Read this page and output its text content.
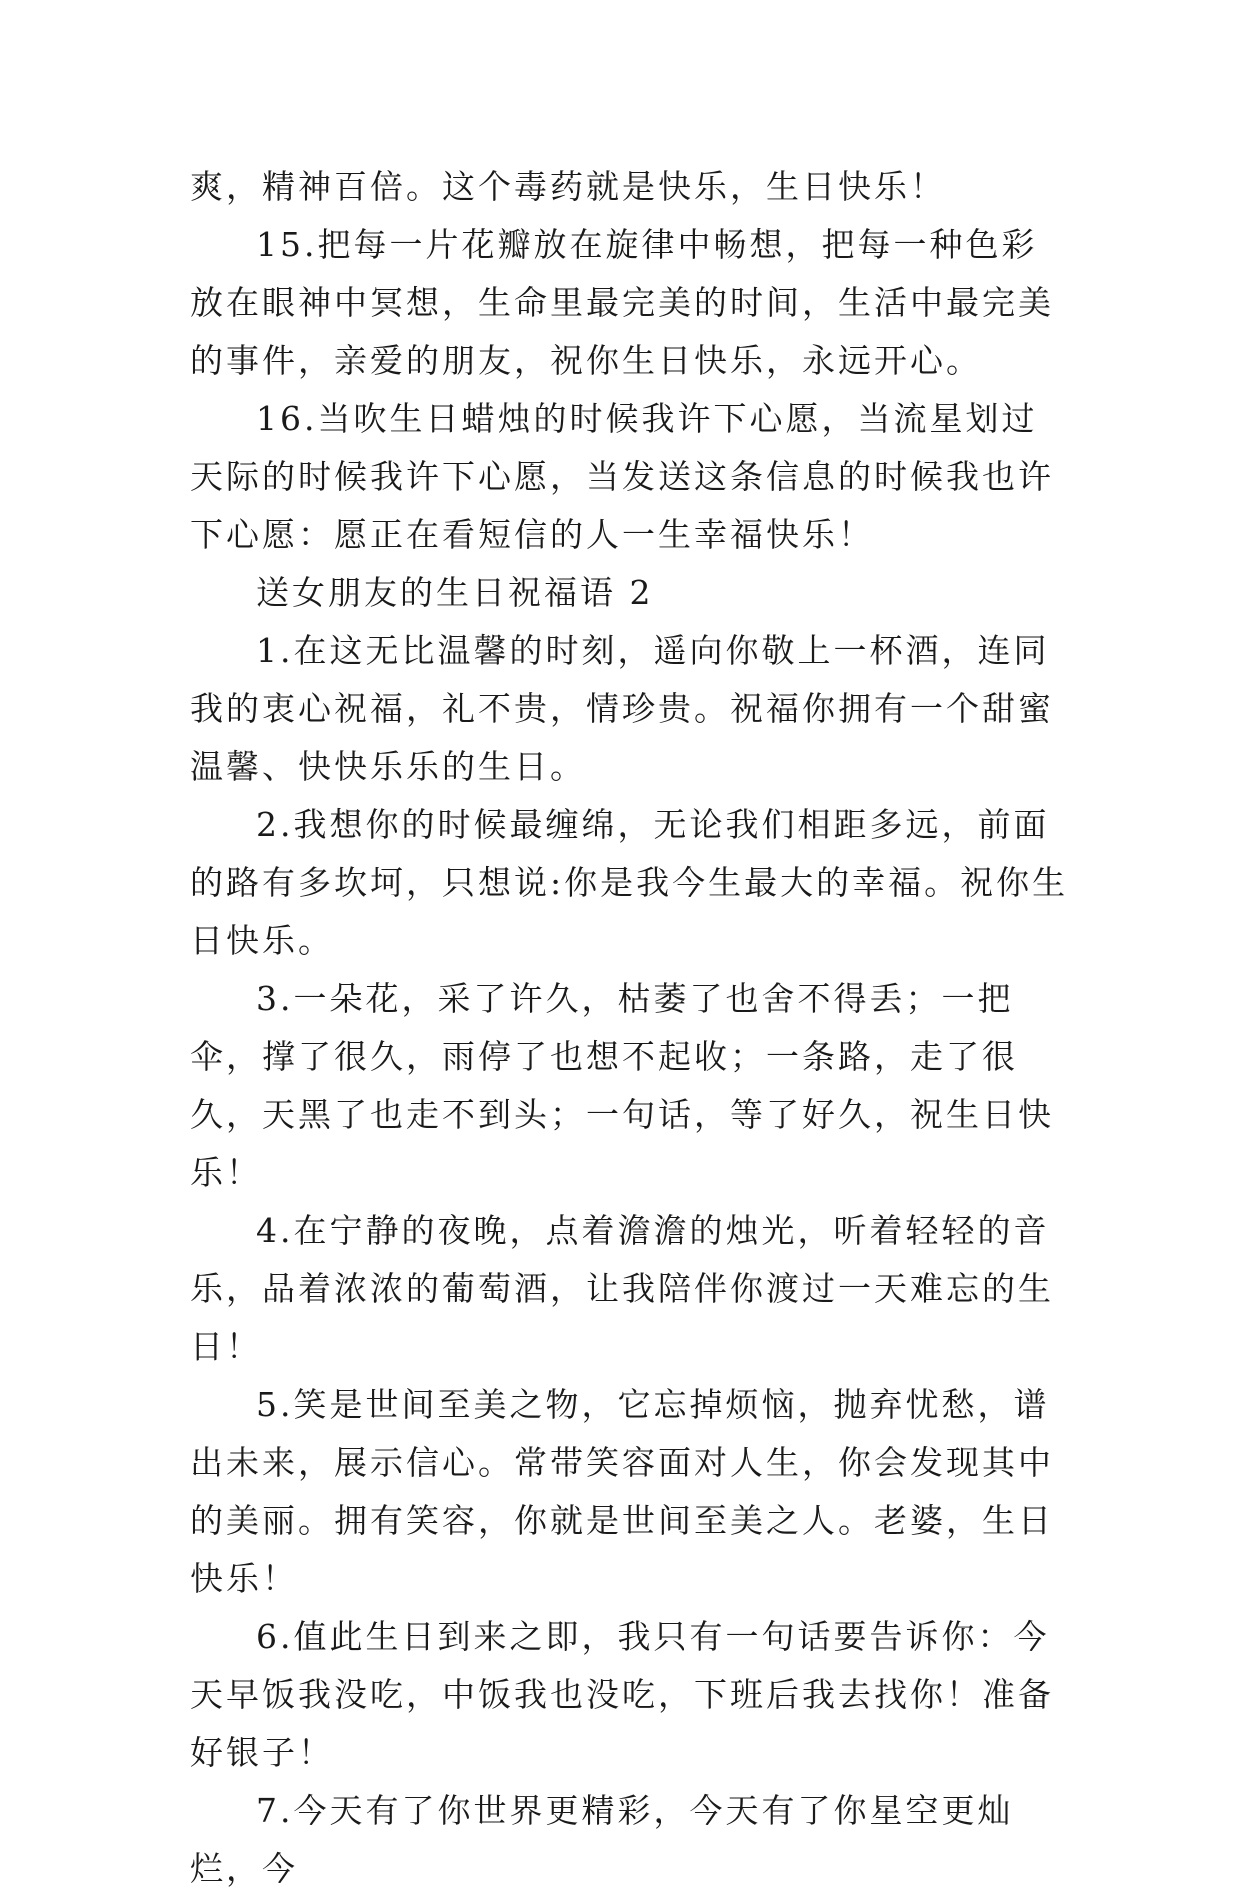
爽，精神百倍。这个毒药就是快乐，生日快乐！

15.把每一片花瓣放在旋律中畅想，把每一种色彩放在眼神中冥想，生命里最完美的时间，生活中最完美的事件，亲爱的朋友，祝你生日快乐，永远开心。

16.当吹生日蜡烛的时候我许下心愿，当流星划过天际的时候我许下心愿，当发送这条信息的时候我也许下心愿：愿正在看短信的人一生幸福快乐！

送女朋友的生日祝福语 2

1.在这无比温馨的时刻，遥向你敬上一杯酒，连同我的衷心祝福，礼不贵，情珍贵。祝福你拥有一个甜蜜温馨、快快乐乐的生日。

2.我想你的时候最缠绵，无论我们相距多远，前面的路有多坎坷，只想说:你是我今生最大的幸福。祝你生日快乐。

3.一朵花，采了许久，枯萎了也舍不得丢；一把伞，撑了很久，雨停了也想不起收；一条路，走了很久，天黑了也走不到头；一句话，等了好久，祝生日快乐！

4.在宁静的夜晚，点着澹澹的烛光，听着轻轻的音乐，品着浓浓的葡萄酒，让我陪伴你渡过一天难忘的生日！

5.笑是世间至美之物，它忘掉烦恼，抛弃忧愁，谱出未来，展示信心。常带笑容面对人生，你会发现其中的美丽。拥有笑容，你就是世间至美之人。老婆，生日快乐！

6.值此生日到来之即，我只有一句话要告诉你：今天早饭我没吃，中饭我也没吃，下班后我去找你！准备好银子！

7.今天有了你世界更精彩，今天有了你星空更灿烂，今
